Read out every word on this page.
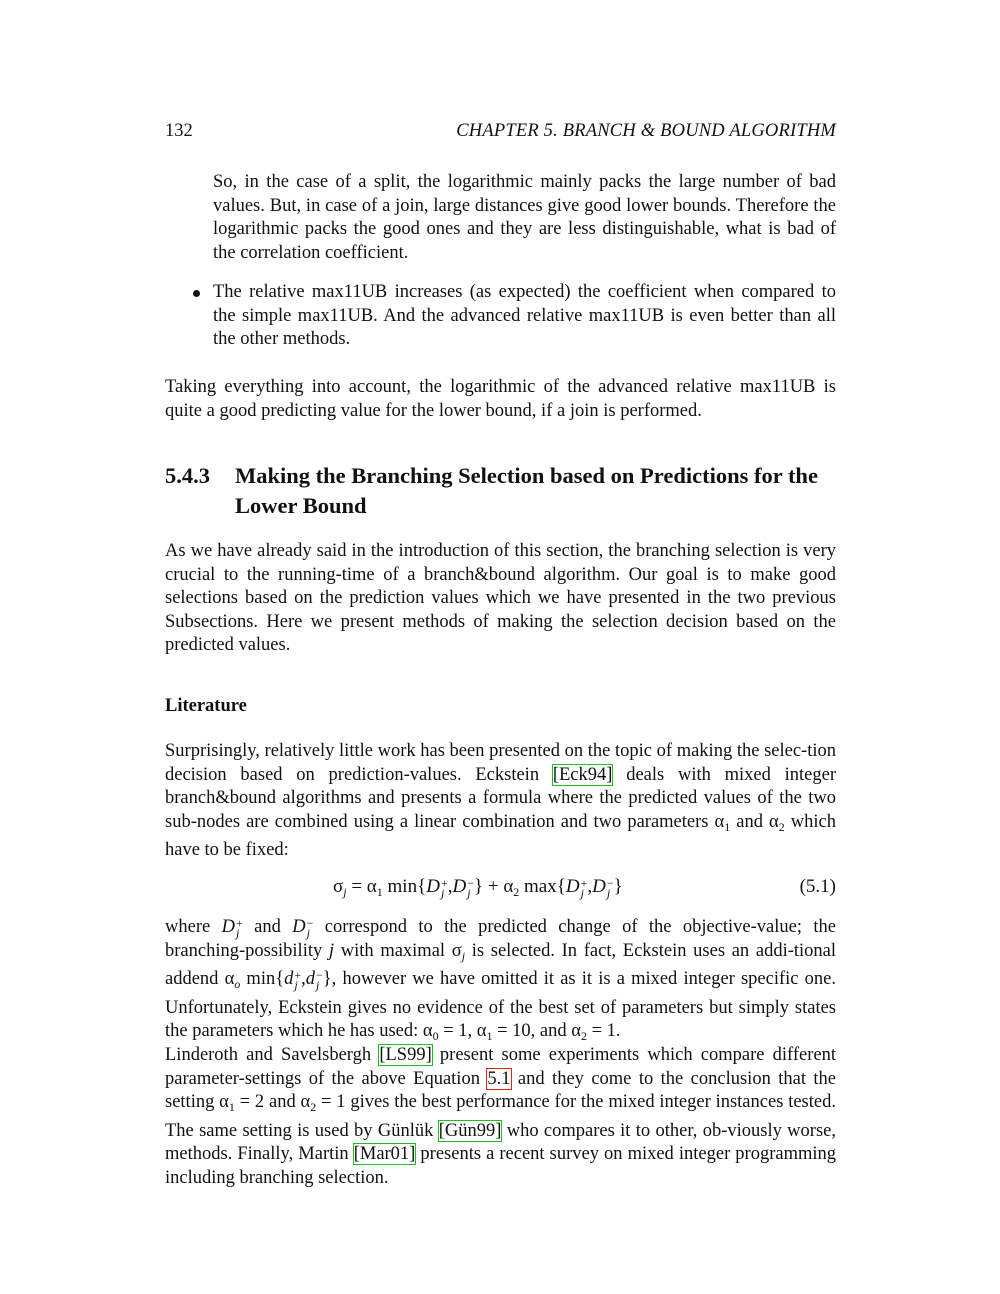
132	CHAPTER 5. BRANCH & BOUND ALGORITHM

So, in the case of a split, the logarithmic mainly packs the large number of bad values. But, in case of a join, large distances give good lower bounds. Therefore the logarithmic packs the good ones and they are less distinguishable, what is bad of the correlation coefficient.

The relative max11UB increases (as expected) the coefficient when compared to the simple max11UB. And the advanced relative max11UB is even better than all the other methods.

Taking everything into account, the logarithmic of the advanced relative max11UB is quite a good predicting value for the lower bound, if a join is performed.

5.4.3 Making the Branching Selection based on Predictions for the Lower Bound

As we have already said in the introduction of this section, the branching selection is very crucial to the running-time of a branch&bound algorithm. Our goal is to make good selections based on the prediction values which we have presented in the two previous Subsections. Here we present methods of making the selection decision based on the predicted values.

Literature

Surprisingly, relatively little work has been presented on the topic of making the selec-tion decision based on prediction-values. Eckstein [Eck94] deals with mixed integer branch&bound algorithms and presents a formula where the predicted values of the two sub-nodes are combined using a linear combination and two parameters $\alpha_1$ and $\alpha_2$ which have to be fixed:

$\sigma_j = \alpha_1$ min{D +
j ,D −
j } + $\alpha_2$ max{D +
j ,D −
j }	(5.1)

where D +
j and D −
j correspond to the predicted change of the objective-value; the branching-possibility j with maximal $\sigma_j$ is selected. In fact, Eckstein uses an addi-tional addend $\alpha_o$ min{d +
j ,d −
j }, however we have omitted it as it is a mixed integer specific one. Unfortunately, Eckstein gives no evidence of the best set of parameters but simply states the parameters which he has used: $\alpha_0 = 1$, $\alpha_1 = 10$, and $\alpha_2 = 1$.

Linderoth and Savelsbergh [LS99] present some experiments which compare different parameter-settings of the above Equation 5.1 and they come to the conclusion that the setting $\alpha_1 = 2$ and $\alpha_2 = 1$ gives the best performance for the mixed integer instances tested. The same setting is used by Günlük [Gün99] who compares it to other, ob-viously worse, methods. Finally, Martin [Mar01] presents a recent survey on mixed integer programming including branching selection.
